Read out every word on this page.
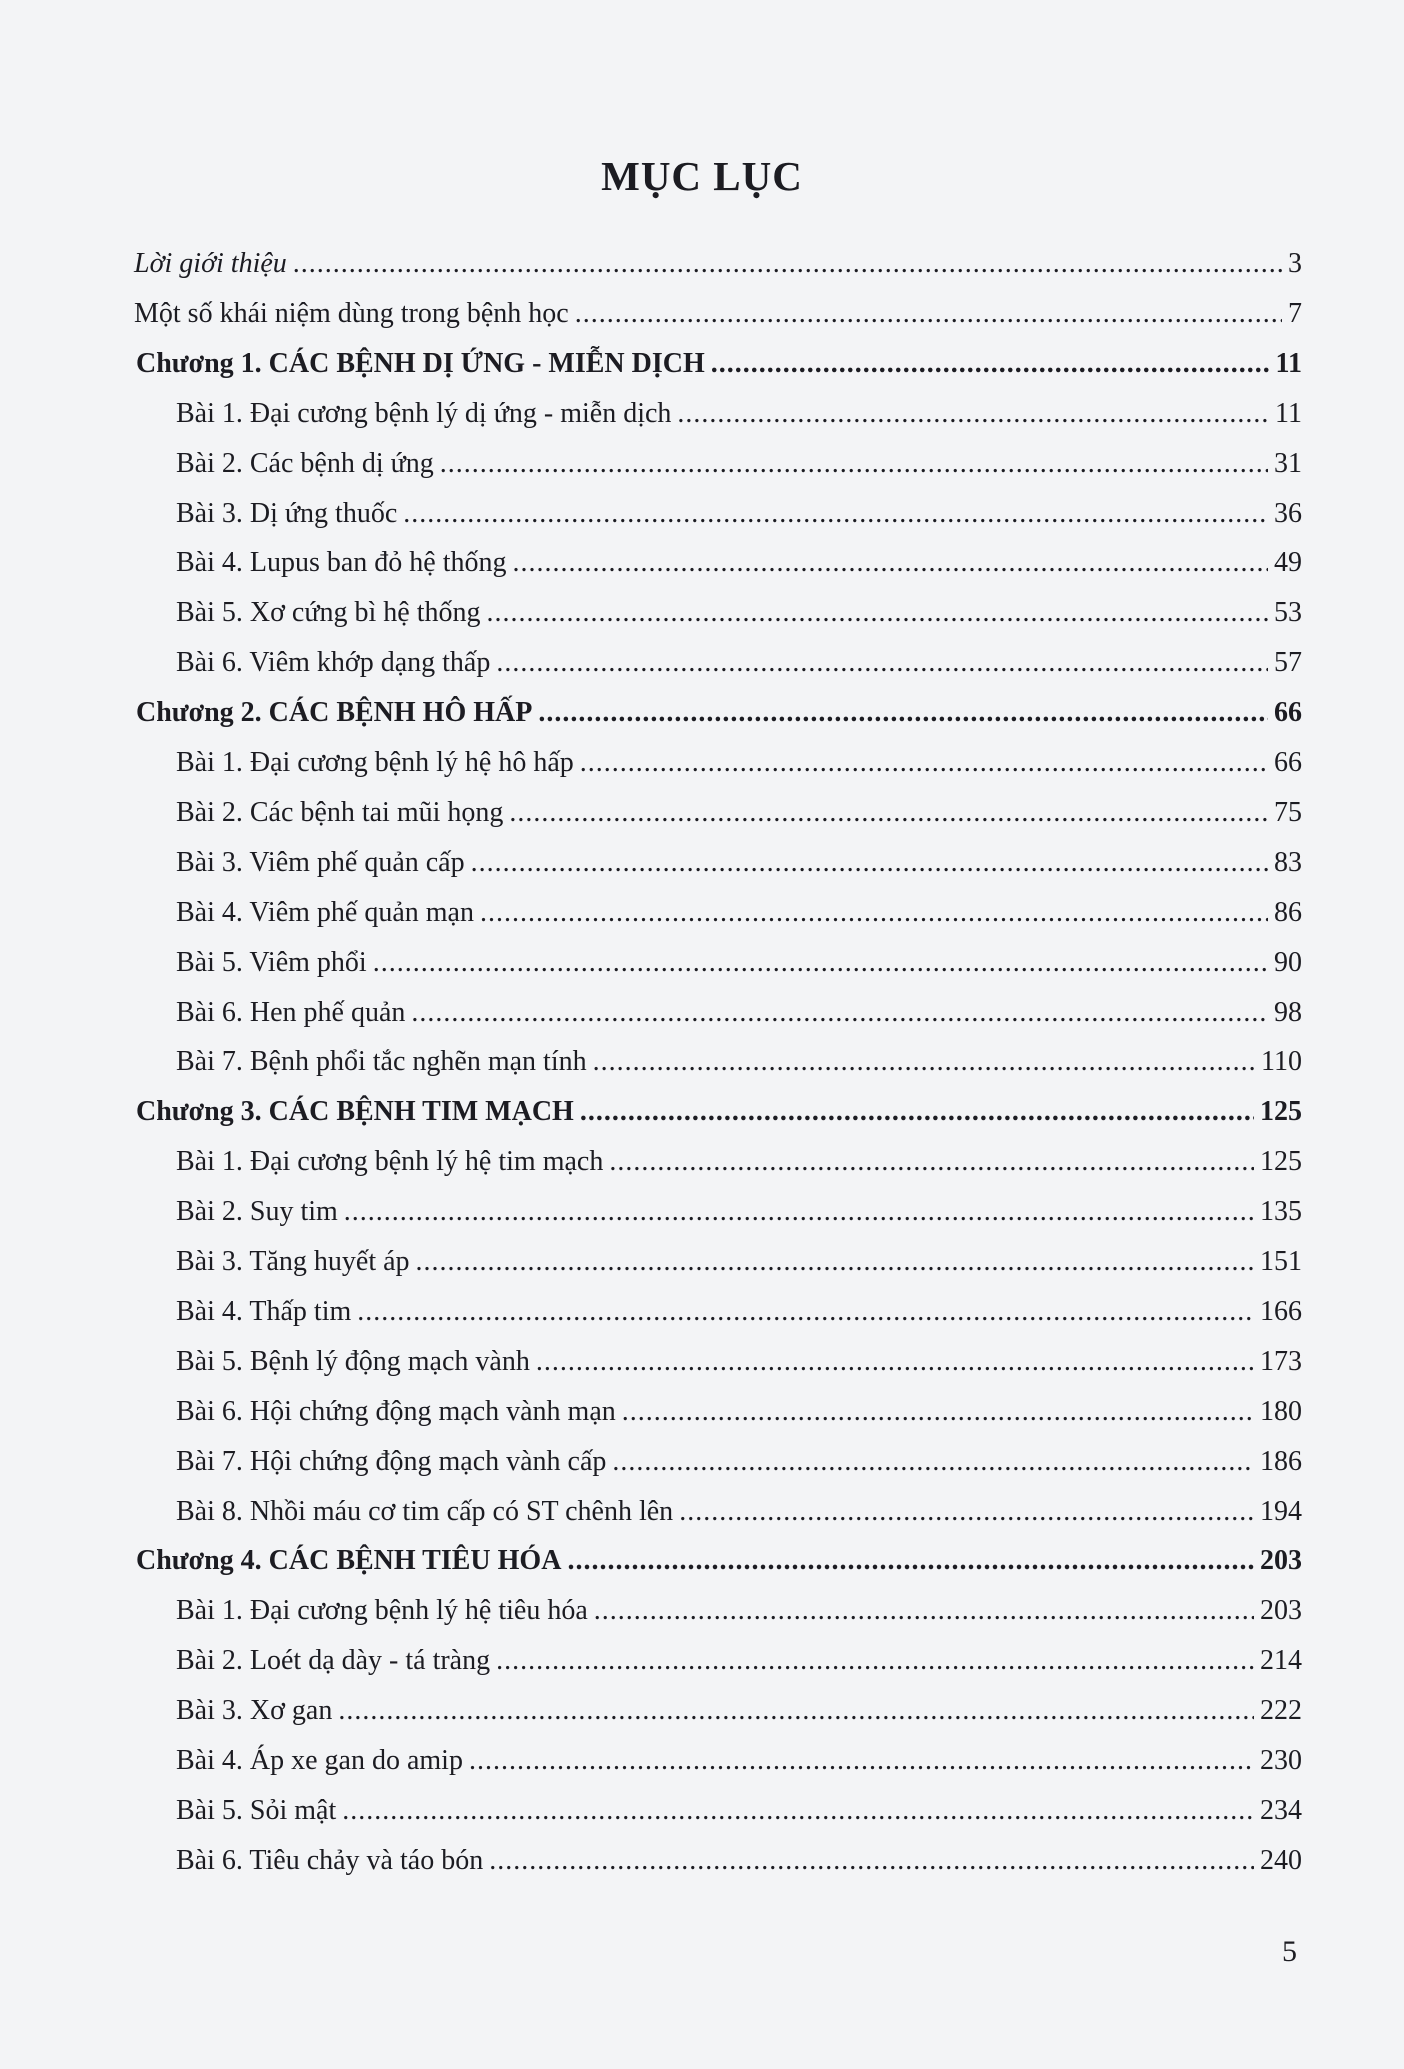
MỤC LỤC
Lời giới thiệu .....	3
Một số khái niệm dùng trong bệnh học .....	7
Chương 1. CÁC BỆNH DỊ ỨNG - MIỄN DỊCH .....	11
Bài 1. Đại cương bệnh lý dị ứng - miễn dịch .....	11
Bài 2. Các bệnh dị ứng .....	31
Bài 3. Dị ứng thuốc .....	36
Bài 4. Lupus ban đỏ hệ thống .....	49
Bài 5. Xơ cứng bì hệ thống .....	53
Bài 6. Viêm khớp dạng thấp .....	57
Chương 2. CÁC BỆNH HÔ HẤP .....	66
Bài 1. Đại cương bệnh lý hệ hô hấp .....	66
Bài 2. Các bệnh tai mũi họng .....	75
Bài 3. Viêm phế quản cấp .....	83
Bài 4. Viêm phế quản mạn .....	86
Bài 5. Viêm phổi .....	90
Bài 6. Hen phế quản .....	98
Bài 7. Bệnh phổi tắc nghẽn mạn tính .....	110
Chương 3. CÁC BỆNH TIM MẠCH .....	125
Bài 1. Đại cương bệnh lý hệ tim mạch .....	125
Bài 2. Suy tim .....	135
Bài 3. Tăng huyết áp .....	151
Bài 4. Thấp tim .....	166
Bài 5. Bệnh lý động mạch vành .....	173
Bài 6. Hội chứng động mạch vành mạn .....	180
Bài 7. Hội chứng động mạch vành cấp .....	186
Bài 8. Nhồi máu cơ tim cấp có ST chênh lên .....	194
Chương 4. CÁC BỆNH TIÊU HÓA .....	203
Bài 1. Đại cương bệnh lý hệ tiêu hóa .....	203
Bài 2. Loét dạ dày - tá tràng .....	214
Bài 3. Xơ gan .....	222
Bài 4. Áp xe gan do amip .....	230
Bài 5. Sỏi mật .....	234
Bài 6. Tiêu chảy và táo bón .....	240
5
